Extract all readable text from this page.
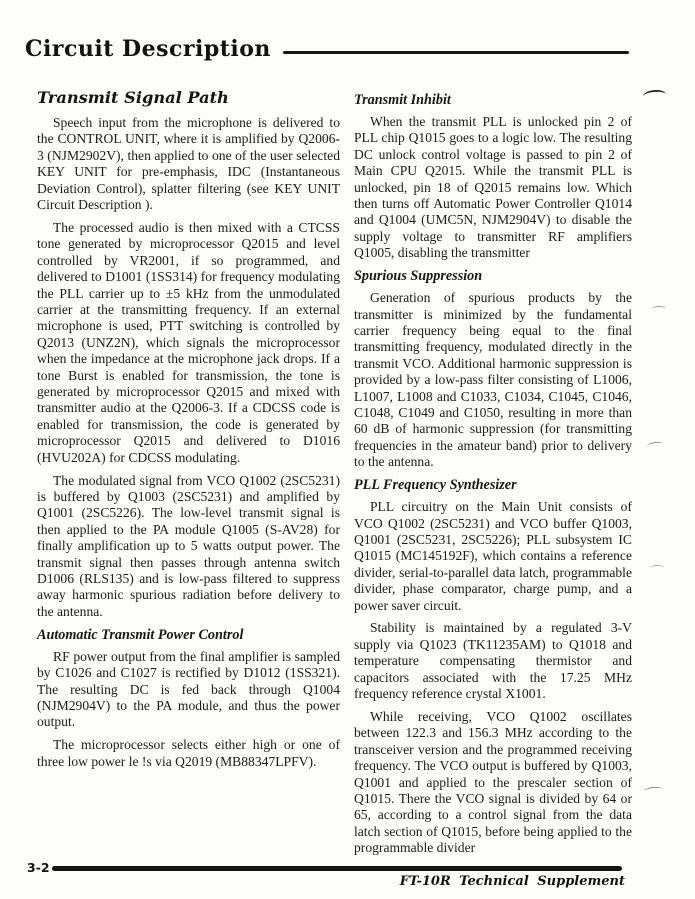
Circuit Description
Transmit Signal Path

Speech input from the microphone is delivered to the CONTROL UNIT, where it is amplified by Q2006-3 (NJM2902V), then applied to one of the user selected KEY UNIT for pre-emphasis, IDC (Instantaneous Deviation Control), splatter filtering (see KEY UNIT Circuit Description ).

The processed audio is then mixed with a CTCSS tone generated by microprocessor Q2015 and level controlled by VR2001, if so programmed, and delivered to D1001 (1SS314) for frequency modulating the PLL carrier up to ±5 kHz from the unmodulated carrier at the transmitting frequency. If an external microphone is used, PTT switching is controlled by Q2013 (UNZ2N), which signals the microprocessor when the impedance at the microphone jack drops. If a tone Burst is enabled for transmission, the tone is generated by microprocessor Q2015 and mixed with transmitter audio at the Q2006-3. If a CDCSS code is enabled for transmission, the code is generated by microprocessor Q2015 and delivered to D1016 (HVU202A) for CDCSS modulating.

The modulated signal from VCO Q1002 (2SC5231) is buffered by Q1003 (2SC5231) and amplified by Q1001 (2SC5226). The low-level transmit signal is then applied to the PA module Q1005 (S-AV28) for finally amplification up to 5 watts output power. The transmit signal then passes through antenna switch D1006 (RLS135) and is low-pass filtered to suppress away harmonic spurious radiation before delivery to the antenna.

Automatic Transmit Power Control

RF power output from the final amplifier is sampled by C1026 and C1027 is rectified by D1012 (1SS321). The resulting DC is fed back through Q1004 (NJM2904V) to the PA module, and thus the power output.

The microprocessor selects either high or one of three low power le !s via Q2019 (MB88347LPFV).

Transmit Inhibit

When the transmit PLL is unlocked pin 2 of PLL chip Q1015 goes to a logic low. The resulting DC unlock control voltage is passed to pin 2 of Main CPU Q2015. While the transmit PLL is unlocked, pin 18 of Q2015 remains low. Which then turns off Automatic Power Controller Q1014 and Q1004 (UMC5N, NJM2904V) to disable the supply voltage to transmitter RF amplifiers Q1005, disabling the transmitter

Spurious Suppression

Generation of spurious products by the transmitter is minimized by the fundamental carrier frequency being equal to the final transmitting frequency, modulated directly in the transmit VCO. Additional harmonic suppression is provided by a low-pass filter consisting of L1006, L1007, L1008 and C1033, C1034, C1045, C1046, C1048, C1049 and C1050, resulting in more than 60 dB of harmonic suppression (for transmitting frequencies in the amateur band) prior to delivery to the antenna.

PLL Frequency Synthesizer

PLL circuitry on the Main Unit consists of VCO Q1002 (2SC5231) and VCO buffer Q1003, Q1001 (2SC5231, 2SC5226); PLL subsystem IC Q1015 (MC145192F), which contains a reference divider, serial-to-parallel data latch, programmable divider, phase comparator, charge pump, and a power saver circuit.

Stability is maintained by a regulated 3-V supply via Q1023 (TK11235AM) to Q1018 and temperature compensating thermistor and capacitors associated with the 17.25 MHz frequency reference crystal X1001.

While receiving, VCO Q1002 oscillates between 122.3 and 156.3 MHz according to the transceiver version and the programmed receiving frequency. The VCO output is buffered by Q1003, Q1001 and applied to the prescaler section of Q1015. There the VCO signal is divided by 64 or 65, according to a control signal from the data latch section of Q1015, before being applied to the programmable divider

3-2
FT-10R Technical Supplement
